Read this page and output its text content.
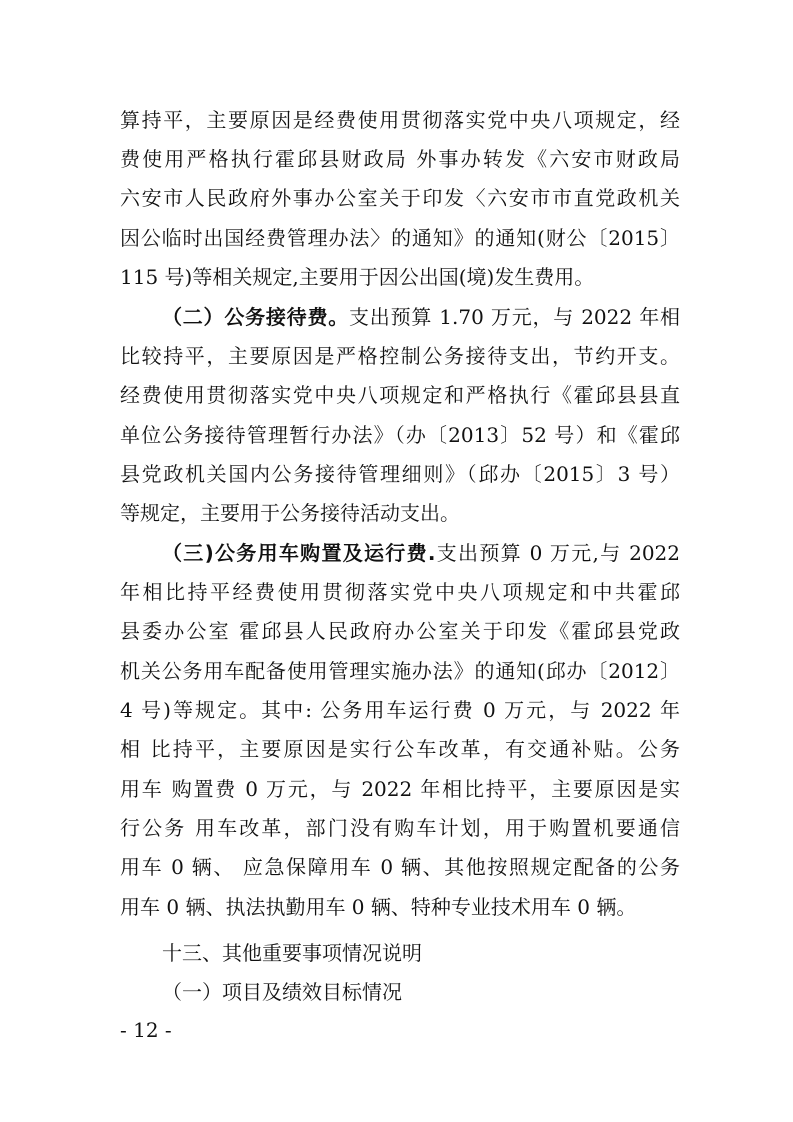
算持平，主要原因是经费使用贯彻落实党中央八项规定，经
费使用严格执行霍邱县财政局 外事办转发《六安市财政局
六安市人民政府外事办公室关于印发〈六安市市直党政机关
因公临时出国经费管理办法〉的通知》的通知(财公〔2015〕
115 号)等相关规定,主要用于因公出国(境)发生费用。
（二）公务接待费。支出预算 1.70 万元，与 2022 年相
比较持平，主要原因是严格控制公务接待支出，节约开支。
经费使用贯彻落实党中央八项规定和严格执行《霍邱县县直
单位公务接待管理暂行办法》（办〔2013〕52 号）和《霍邱
县党政机关国内公务接待管理细则》（邱办〔2015〕3 号）
等规定，主要用于公务接待活动支出。
（三)公务用车购置及运行费.支出预算 0 万元,与 2022
年相比持平经费使用贯彻落实党中央八项规定和中共霍邱
县委办公室 霍邱县人民政府办公室关于印发《霍邱县党政
机关公务用车配备使用管理实施办法》的通知(邱办〔2012〕
4 号)等规定。其中: 公务用车运行费 0 万元，与 2022 年
相 比持平，主要原因是实行公车改革，有交通补贴。公务
用车 购置费 0 万元，与 2022 年相比持平，主要原因是实
行公务 用车改革，部门没有购车计划，用于购置机要通信
用车 0 辆、 应急保障用车 0 辆、其他按照规定配备的公务
用车 0 辆、执法执勤用车 0 辆、特种专业技术用车 0 辆。
十三、其他重要事项情况说明
（一）项目及绩效目标情况
- 12 -
